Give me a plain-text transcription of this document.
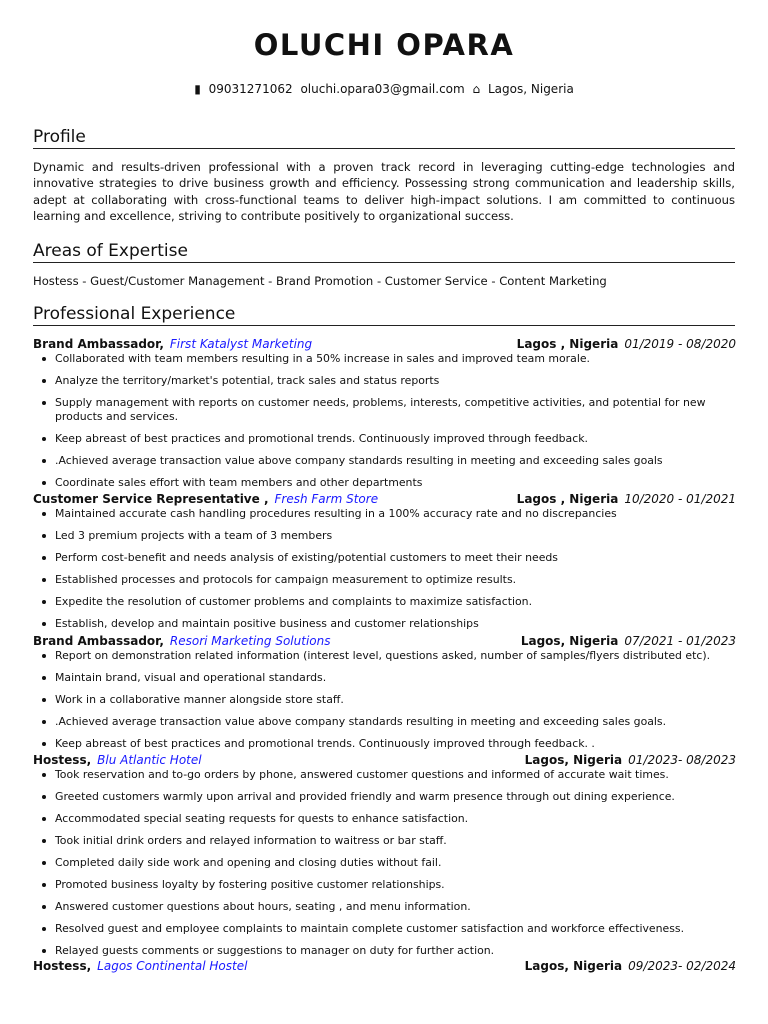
OLUCHI OPARA
▮ 09031271062 oluchi.opara03@gmail.com ⌂ Lagos, Nigeria
Profile
Dynamic and results-driven professional with a proven track record in leveraging cutting-edge technologies and innovative strategies to drive business growth and efficiency. Possessing strong communication and leadership skills, adept at collaborating with cross-functional teams to deliver high-impact solutions. I am committed to continuous learning and excellence, striving to contribute positively to organizational success.
Areas of Expertise
Hostess - Guest/Customer Management - Brand Promotion - Customer Service - Content Marketing
Professional Experience
Brand Ambassador, First Katalyst Marketing	Lagos , Nigeria 01/2019 - 08/2020
Collaborated with team members resulting in a 50% increase in sales and improved team morale.
Analyze the territory/market's potential, track sales and status reports
Supply management with reports on customer needs, problems, interests, competitive activities, and potential for new products and services.
Keep abreast of best practices and promotional trends. Continuously improved through feedback.
.Achieved average transaction value above company standards resulting in meeting and exceeding sales goals
Coordinate sales effort with team members and other departments
Customer Service Representative , Fresh Farm Store	Lagos , Nigeria 10/2020 - 01/2021
Maintained accurate cash handling procedures resulting in a 100% accuracy rate and no discrepancies
Led 3 premium projects with a team of 3 members
Perform cost-benefit and needs analysis of existing/potential customers to meet their needs
Established processes and protocols for campaign measurement to optimize results.
Expedite the resolution of customer problems and complaints to maximize satisfaction.
Establish, develop and maintain positive business and customer relationships
Brand Ambassador, Resori Marketing Solutions	Lagos, Nigeria 07/2021 - 01/2023
Report on demonstration related information (interest level, questions asked, number of samples/flyers distributed etc).
Maintain brand, visual and operational standards.
Work in a collaborative manner alongside store staff.
.Achieved average transaction value above company standards resulting in meeting and exceeding sales goals.
Keep abreast of best practices and promotional trends. Continuously improved through feedback. .
Hostess, Blu Atlantic Hotel	Lagos, Nigeria 01/2023- 08/2023
Took reservation and to-go orders by phone, answered customer questions and informed of accurate wait times.
Greeted customers warmly upon arrival and provided friendly and warm presence through out dining experience.
Accommodated special seating requests for quests to enhance satisfaction.
Took initial drink orders and relayed information to waitress or bar staff.
Completed daily side work and opening and closing duties without fail.
Promoted business loyalty by fostering positive customer relationships.
Answered customer questions about hours, seating , and menu information.
Resolved guest and employee complaints to maintain complete customer satisfaction and workforce effectiveness.
Relayed guests comments or suggestions to manager on duty for further action.
Hostess, Lagos Continental Hostel	Lagos, Nigeria 09/2023- 02/2024
